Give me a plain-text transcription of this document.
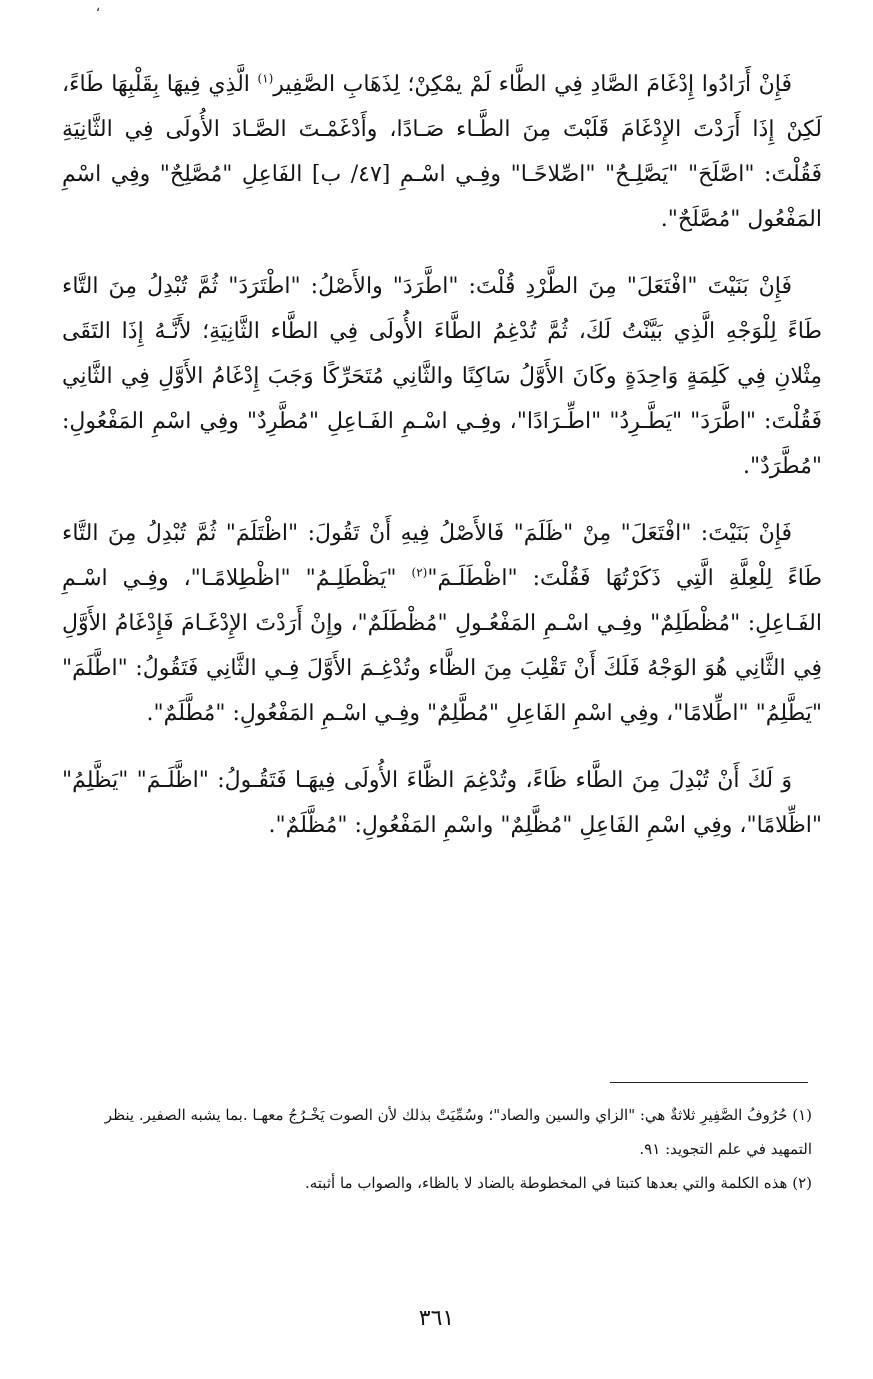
ʻ

فَإِنْ أَرَادُوا إِدْغَامَ الصَّادِ فِي الطَّاء لَمْ يمْكِنْ؛ لِذَهَابِ الصَّفِير$^{(١)}$ الَّذِي فِيهَا بِقَلْبِهَا طَاءً، لَكِنْ إِذَا أَرَدْتَ الإِدْغَامَ قَلَبْتَ مِنَ الطَّـاء صَـادًا، وأَدْغَمْـتَ الصَّـادَ الأُولَى فِي الثَّانِيَةِ فَقُلْتَ: "اصَّلَحَ" "يَصَّلِـحُ" "اصِّلاحًـا" وفِـي اسْـمِ [٤٧/ ب] الفَاعِلِ "مُصَّلِحٌ" وفِي اسْمِ المَفْعُول "مُصَّلَحٌ".

فَإِنْ بَنَيْتَ "افْتَعَلَ" مِنَ الطَّرْدِ قُلْتَ: "اطَّرَدَ" والأَصْلُ: "اطْتَرَدَ" ثُمَّ تُبْدِلُ مِنَ التَّاء طَاءً لِلْوَجْهِ الَّذِي بَيَّنْتُ لَكَ، ثُمَّ تُدْغِمُ الطَّاءَ الأُولَى فِي الطَّاء الثَّانِيَةِ؛ لأَنَّـهُ إِذَا التَقَى مِثْلانِ فِي كَلِمَةٍ وَاحِدَةٍ وكَانَ الأَوَّلُ سَاكِنًا والثَّانِي مُتَحَرِّكًا وَجَبَ إِدْغَامُ الأَوَّلِ فِي الثَّانِي فَقُلْتَ: "اطَّرَدَ" "يَطَّـرِدُ" "اطِّـرَادًا"، وفِـي اسْـمِ الفَـاعِلِ "مُطَّرِدٌ" وفِي اسْمِ المَفْعُولِ: "مُطَّرَدٌ".

فَإِنْ بَنَيْتَ: "افْتَعَلَ" مِنْ "ظَلَمَ" فَالأَصْلُ فِيهِ أَنْ تَقُولَ: "اظْتَلَمَ" ثُمَّ تُبْدِلُ مِنَ التَّاء طَاءً لِلْعِلَّةِ الَّتِي ذَكَرْتُهَا فَقُلْتَ: "اظْطَلَـمَ"$^{(٢)}$ "يَظْطَلِـمُ" "اظْطِلامًـا"، وفِـي اسْـمِ الفَـاعِلِ: "مُظْطَلِمٌ" وفِـي اسْـمِ المَفْعُـولِ "مُظْطَلَمٌ"، وإِنْ أَرَدْتَ الإِدْغَـامَ فَإِدْغَامُ الأَوَّلِ فِي الثَّانِي هُوَ الوَجْهُ فَلَكَ أَنْ تَقْلِبَ مِنَ الظَّاء وتُدْغِـمَ الأَوَّلَ فِـي الثَّانِي فَتَقُولُ: "اطَّلَمَ" "يَطَّلِمُ" "اطِّلامًا"، وفِي اسْمِ الفَاعِلِ "مُطَّلِمٌ" وفِـي اسْـمِ المَفْعُولِ: "مُطَّلَمٌ".

وَ لَكَ أَنْ تُبْدِلَ مِنَ الطَّاء ظَاءً، وتُدْغِمَ الظَّاءَ الأُولَى فِيهَـا فَتَقُـولُ: "اظَّلَـمَ" "يَظَّلِمُ" "اظِّلامًا"، وفِي اسْمِ الفَاعِلِ "مُظَّلِمٌ" واسْمِ المَفْعُولِ: "مُظَّلَمٌ".

(١) حُرُوفُ الصَّفِيرِ ثلاثةٌ هي: "الزاي والسين والصاد"؛ وسُمِّيَتْ بذلك لأن الصوت يَخْـرُجُ معهـا .بما يشبه الصفير. ينظر التمهيد في علم التجويد: ٩١.

(٢) هذه الكلمة والتي بعدها كتبتا في المخطوطة بالضاد لا بالظاء، والصواب ما أثبته.

٣٦١
